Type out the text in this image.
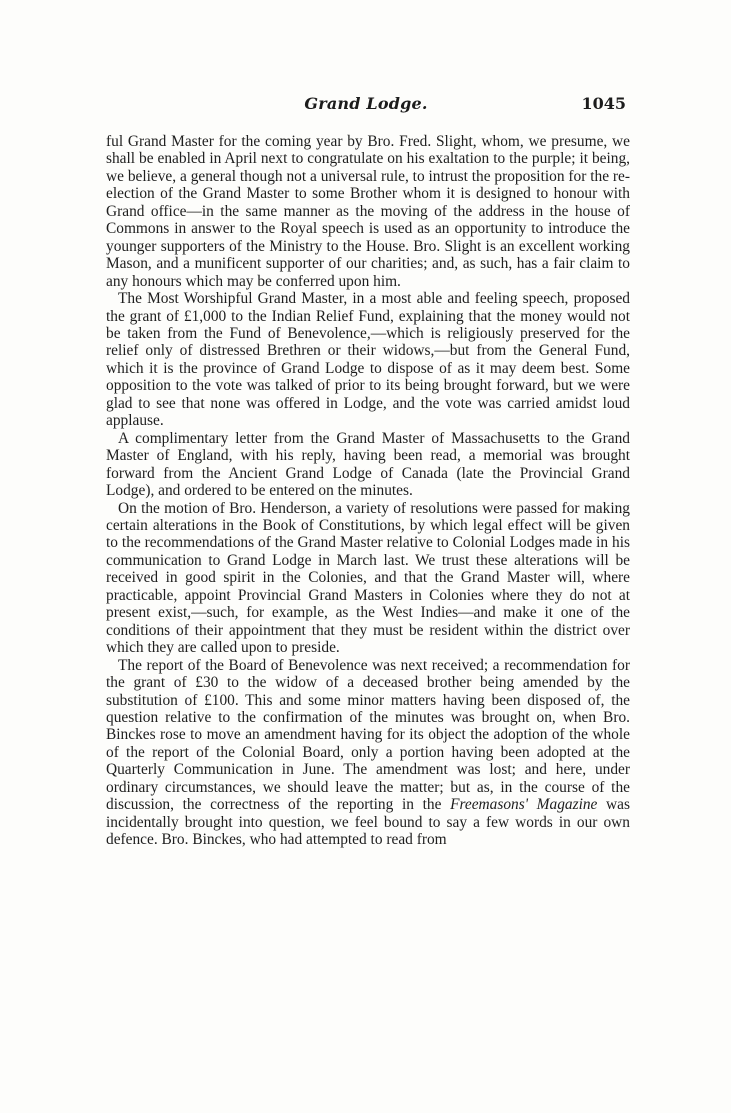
Grand Lodge.	1045

ful Grand Master for the coming year by Bro. Fred. Slight, whom, we presume, we shall be enabled in April next to congratulate on his exaltation to the purple; it being, we believe, a general though not a universal rule, to intrust the proposition for the re-election of the Grand Master to some Brother whom it is designed to honour with Grand office—in the same manner as the moving of the address in the house of Commons in answer to the Royal speech is used as an opportunity to introduce the younger supporters of the Ministry to the House. Bro. Slight is an excellent working Mason, and a munificent supporter of our charities; and, as such, has a fair claim to any honours which may be conferred upon him.

The Most Worshipful Grand Master, in a most able and feeling speech, proposed the grant of £1,000 to the Indian Relief Fund, explaining that the money would not be taken from the Fund of Benevolence,—which is religiously preserved for the relief only of distressed Brethren or their widows,—but from the General Fund, which it is the province of Grand Lodge to dispose of as it may deem best. Some opposition to the vote was talked of prior to its being brought forward, but we were glad to see that none was offered in Lodge, and the vote was carried amidst loud applause.

A complimentary letter from the Grand Master of Massachusetts to the Grand Master of England, with his reply, having been read, a memorial was brought forward from the Ancient Grand Lodge of Canada (late the Provincial Grand Lodge), and ordered to be entered on the minutes.

On the motion of Bro. Henderson, a variety of resolutions were passed for making certain alterations in the Book of Constitutions, by which legal effect will be given to the recommendations of the Grand Master relative to Colonial Lodges made in his communication to Grand Lodge in March last. We trust these alterations will be received in good spirit in the Colonies, and that the Grand Master will, where practicable, appoint Provincial Grand Masters in Colonies where they do not at present exist,—such, for example, as the West Indies—and make it one of the conditions of their appointment that they must be resident within the district over which they are called upon to preside.

The report of the Board of Benevolence was next received; a recommendation for the grant of £30 to the widow of a deceased brother being amended by the substitution of £100. This and some minor matters having been disposed of, the question relative to the confirmation of the minutes was brought on, when Bro. Binckes rose to move an amendment having for its object the adoption of the whole of the report of the Colonial Board, only a portion having been adopted at the Quarterly Communication in June. The amendment was lost; and here, under ordinary circumstances, we should leave the matter; but as, in the course of the discussion, the correctness of the reporting in the Freemasons' Magazine was incidentally brought into question, we feel bound to say a few words in our own defence. Bro. Binckes, who had attempted to read from
